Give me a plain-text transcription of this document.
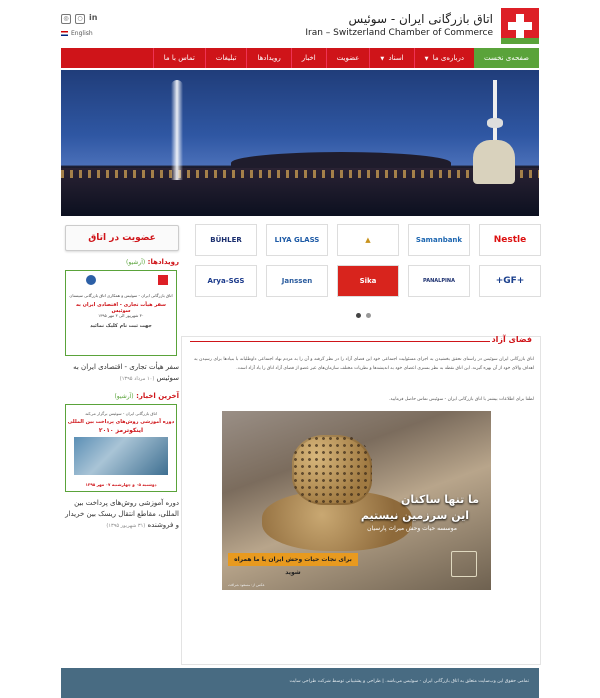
اتاق بازرگانی ایران - سوئیس
Iran – Switzerland Chamber of Commerce
◎	○ in
English
صفحه‌ی نخست
درباره‌ی ما ▼
اسناد ▼
عضویت
اخبار
رویدادها
تبلیغات
تماس با ما
عضویت در اتاق
رویدادها: (آرشیو)
اتاق بازرگانی ایران - سوئیس و همکاری اتاق بازرگانی سیستان
سفر هیأت تجاری - اقتصادی ایران به سوئیس
۳۰ شهریور الی ۳ مهر ۱۳۹۵
جهت ثبت نام کلیک نمائید
سفر هیأت تجاری - اقتصادی ایران به سوئیس (۱۰ مرداد ۱۳۹۵)
آخرین اخبار: (آرشیو)
اتاق بازرگانی ایران - سوئیس برگزار می‌کند
دوره آموزشی روش‌های پرداخت بین المللی
اینکوترمز ۲۰۱۰
دوشنبه ۰۵ و چهارشنبه ۰۷ مهر ۱۳۹۵
دوره آموزشی روش‌های پرداخت بین المللی، مقاطع انتقال ریسک بین خریدار و فروشنده (۳۱ شهریور ۱۳۹۵)
BÜHLER	LIYA GLASS	▲	Samanbank	Nestle
Arya-SGS	Janssen	Sika	PANALPINA	+GF+
فضای آزاد
اتاق بازرگانی ایران سوئیس در راستای تحقق بخشیدن به اجرای مسئولیت اجتماعی خود این فضای آزاد را در نظر گرفته و آن را به مردم نهاد اجتماعی داوطلبانه با بنیادها برای رسیدن به اهداف والای خود از آن بهره گیرند. این اتاق نقطه به نظر بستری اعضای خود به اندیشه‌ها و نظریات مختلف سازمان‌های غیر عضو از فضای آزاد اتاق را یاد آزاد است.
لطفا برای اطلاعات بیشتر با اتاق بازرگانی ایران - سوئیس تماس حاصل فرمایید.
ما تنها ساکنان
این سرزمین نیستیم
موسسه حیات وحش میراث پارسیان
برای نجات حیات وحش ایران با ما همراه شوید
عکس از: مسعود شرافت
تمامی حقوق این وب‌سایت متعلق به اتاق بازرگانی ایران - سوئیس می‌باشد. | طراحی و پشتیبانی توسط شرکت طراحی سایت
